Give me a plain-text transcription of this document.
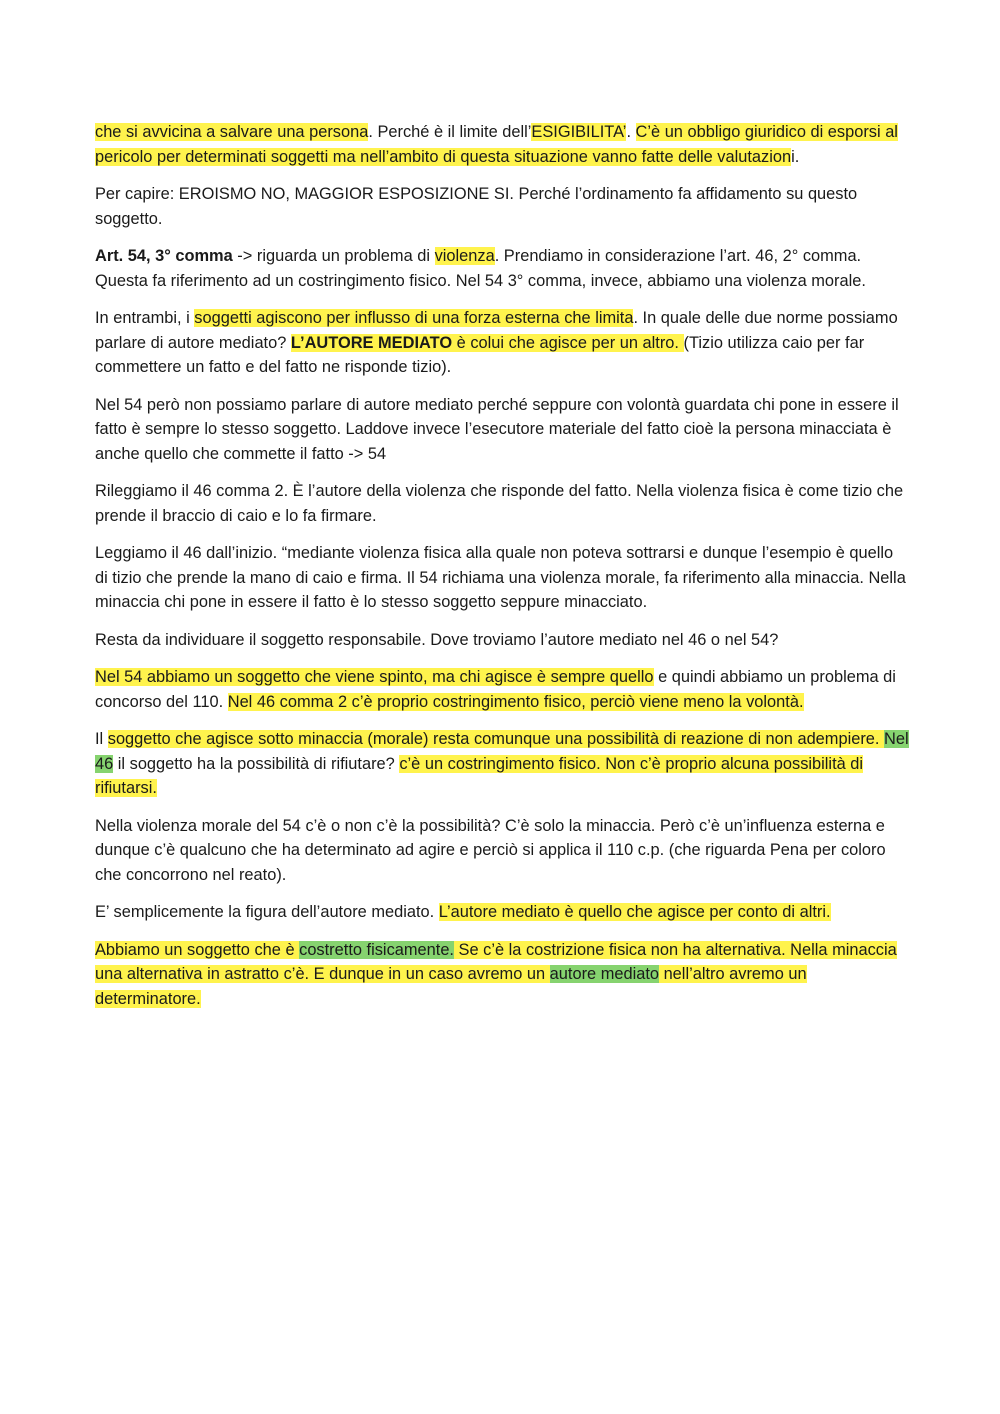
che si avvicina a salvare una persona. Perché è il limite dell’ESIGIBILITA’. C’è un obbligo giuridico di esporsi al pericolo per determinati soggetti ma nell’ambito di questa situazione vanno fatte delle valutazioni.

Per capire: EROISMO NO, MAGGIOR ESPOSIZIONE SI. Perché l’ordinamento fa affidamento su questo soggetto.

Art. 54, 3° comma -> riguarda un problema di violenza. Prendiamo in considerazione l’art. 46, 2° comma. Questa fa riferimento ad un costringimento fisico. Nel 54 3° comma, invece, abbiamo una violenza morale.

In entrambi, i soggetti agiscono per influsso di una forza esterna che limita. In quale delle due norme possiamo parlare di autore mediato? L’AUTORE MEDIATO è colui che agisce per un altro. (Tizio utilizza caio per far commettere un fatto e del fatto ne risponde tizio).

Nel 54 però non possiamo parlare di autore mediato perché seppure con volontà guardata chi pone in essere il fatto è sempre lo stesso soggetto. Laddove invece l’esecutore materiale del fatto cioè la persona minacciata è anche quello che commette il fatto -> 54

Rileggiamo il 46 comma 2. È l’autore della violenza che risponde del fatto. Nella violenza fisica è come tizio che prende il braccio di caio e lo fa firmare.

Leggiamo il 46 dall’inizio. “mediante violenza fisica alla quale non poteva sottrarsi e dunque l’esempio è quello di tizio che prende la mano di caio e firma. Il 54 richiama una violenza morale, fa riferimento alla minaccia. Nella minaccia chi pone in essere il fatto è lo stesso soggetto seppure minacciato.

Resta da individuare il soggetto responsabile. Dove troviamo l’autore mediato nel 46 o nel 54?

Nel 54 abbiamo un soggetto che viene spinto, ma chi agisce è sempre quello e quindi abbiamo un problema di concorso del 110. Nel 46 comma 2 c’è proprio costringimento fisico, perciò viene meno la volontà.

Il soggetto che agisce sotto minaccia (morale) resta comunque una possibilità di reazione di non adempiere. Nel 46 il soggetto ha la possibilità di rifiutare? c’è un costringimento fisico. Non c’è proprio alcuna possibilità di rifiutarsi.

Nella violenza morale del 54 c’è o non c’è la possibilità? C’è solo la minaccia. Però c’è un’influenza esterna e dunque c’è qualcuno che ha determinato ad agire e perciò si applica il 110 c.p. (che riguarda Pena per coloro che concorrono nel reato).

E’ semplicemente la figura dell’autore mediato. L’autore mediato è quello che agisce per conto di altri.

Abbiamo un soggetto che è costretto fisicamente. Se c’è la costrizione fisica non ha alternativa. Nella minaccia una alternativa in astratto c’è. E dunque in un caso avremo un autore mediato nell’altro avremo un determinatore.
